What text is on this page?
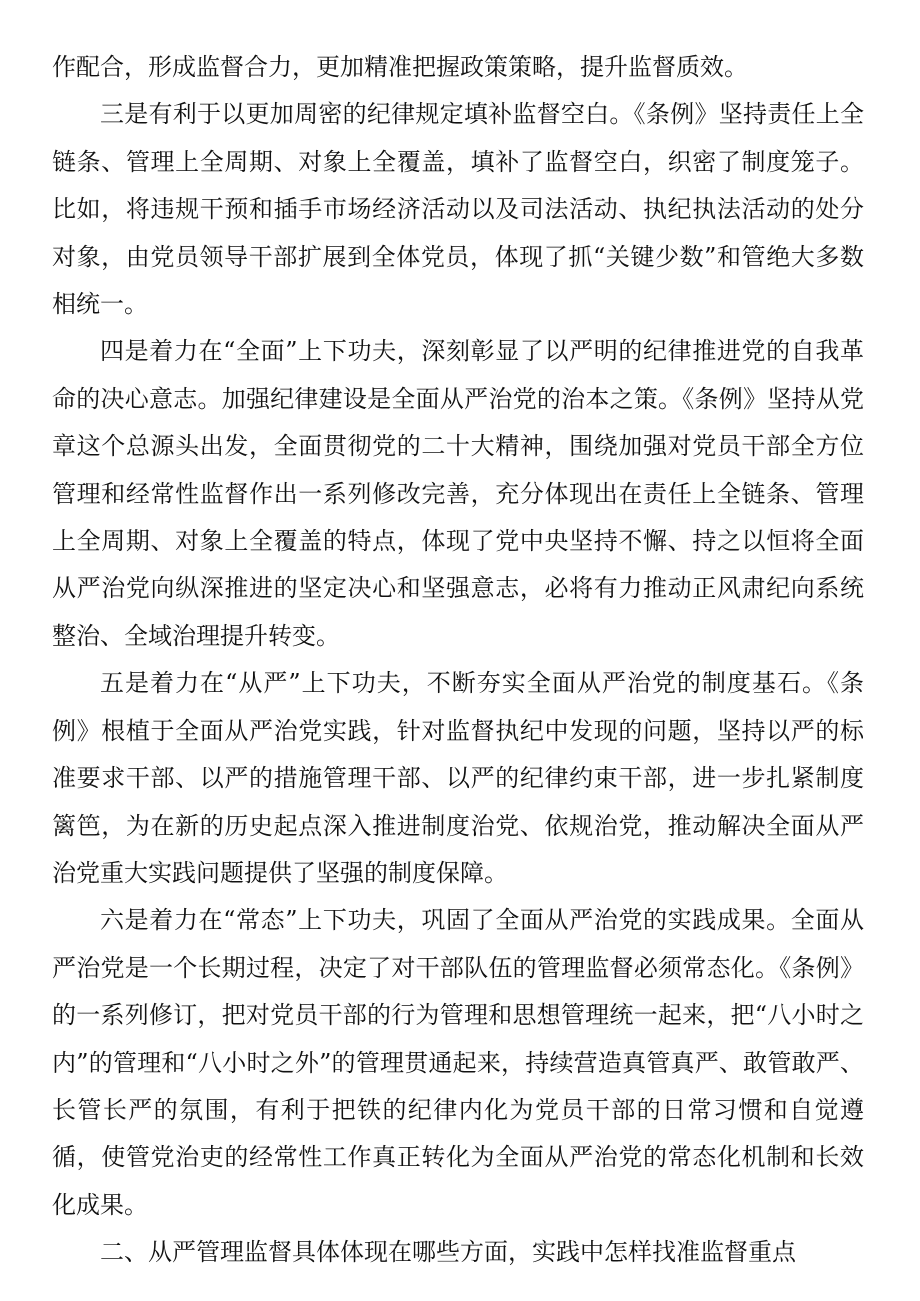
作配合，形成监督合力，更加精准把握政策策略，提升监督质效。

三是有利于以更加周密的纪律规定填补监督空白。《条例》坚持责任上全链条、管理上全周期、对象上全覆盖，填补了监督空白，织密了制度笼子。比如，将违规干预和插手市场经济活动以及司法活动、执纪执法活动的处分对象，由党员领导干部扩展到全体党员，体现了抓“关键少数”和管绝大多数相统一。

四是着力在“全面”上下功夫，深刻彰显了以严明的纪律推进党的自我革命的决心意志。加强纪律建设是全面从严治党的治本之策。《条例》坚持从党章这个总源头出发，全面贯彻党的二十大精神，围绕加强对党员干部全方位管理和经常性监督作出一系列修改完善，充分体现出在责任上全链条、管理上全周期、对象上全覆盖的特点，体现了党中央坚持不懈、持之以恒将全面从严治党向纵深推进的坚定决心和坚强意志，必将有力推动正风肃纪向系统整治、全域治理提升转变。

五是着力在“从严”上下功夫，不断夯实全面从严治党的制度基石。《条例》根植于全面从严治党实践，针对监督执纪中发现的问题，坚持以严的标准要求干部、以严的措施管理干部、以严的纪律约束干部，进一步扎紧制度篱笆，为在新的历史起点深入推进制度治党、依规治党，推动解决全面从严治党重大实践问题提供了坚强的制度保障。

六是着力在“常态”上下功夫，巩固了全面从严治党的实践成果。全面从严治党是一个长期过程，决定了对干部队伍的管理监督必须常态化。《条例》的一系列修订，把对党员干部的行为管理和思想管理统一起来，把“八小时之内”的管理和“八小时之外”的管理贯通起来，持续营造真管真严、敢管敢严、长管长严的氛围，有利于把铁的纪律内化为党员干部的日常习惯和自觉遵循，使管党治吏的经常性工作真正转化为全面从严治党的常态化机制和长效化成果。

二、从严管理监督具体体现在哪些方面，实践中怎样找准监督重点
